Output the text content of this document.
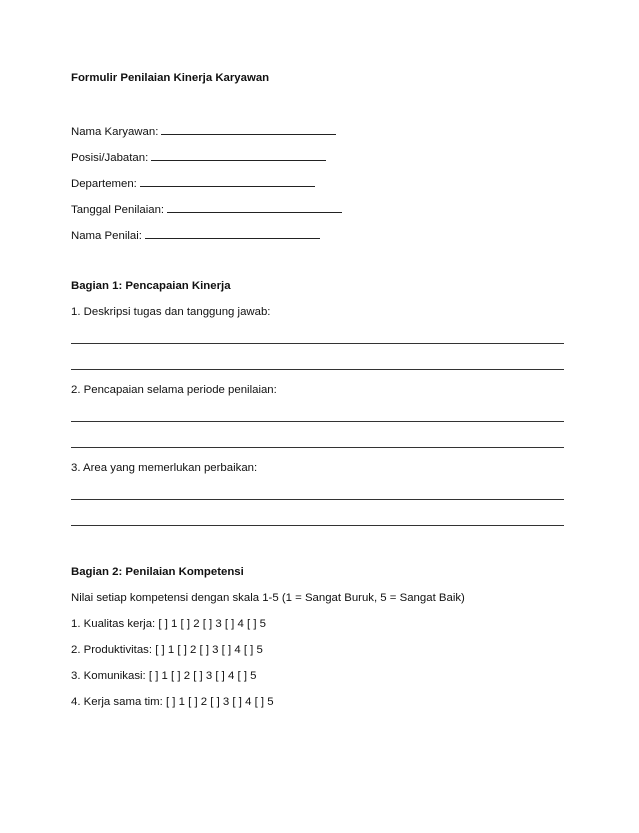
Formulir Penilaian Kinerja Karyawan
Nama Karyawan:
Posisi/Jabatan:
Departemen:
Tanggal Penilaian:
Nama Penilai:
Bagian 1: Pencapaian Kinerja
1. Deskripsi tugas dan tanggung jawab:
2. Pencapaian selama periode penilaian:
3. Area yang memerlukan perbaikan:
Bagian 2: Penilaian Kompetensi
Nilai setiap kompetensi dengan skala 1-5 (1 = Sangat Buruk, 5 = Sangat Baik)
1. Kualitas kerja: [ ] 1 [ ] 2 [ ] 3 [ ] 4 [ ] 5
2. Produktivitas: [ ] 1 [ ] 2 [ ] 3 [ ] 4 [ ] 5
3. Komunikasi: [ ] 1 [ ] 2 [ ] 3 [ ] 4 [ ] 5
4. Kerja sama tim: [ ] 1 [ ] 2 [ ] 3 [ ] 4 [ ] 5
